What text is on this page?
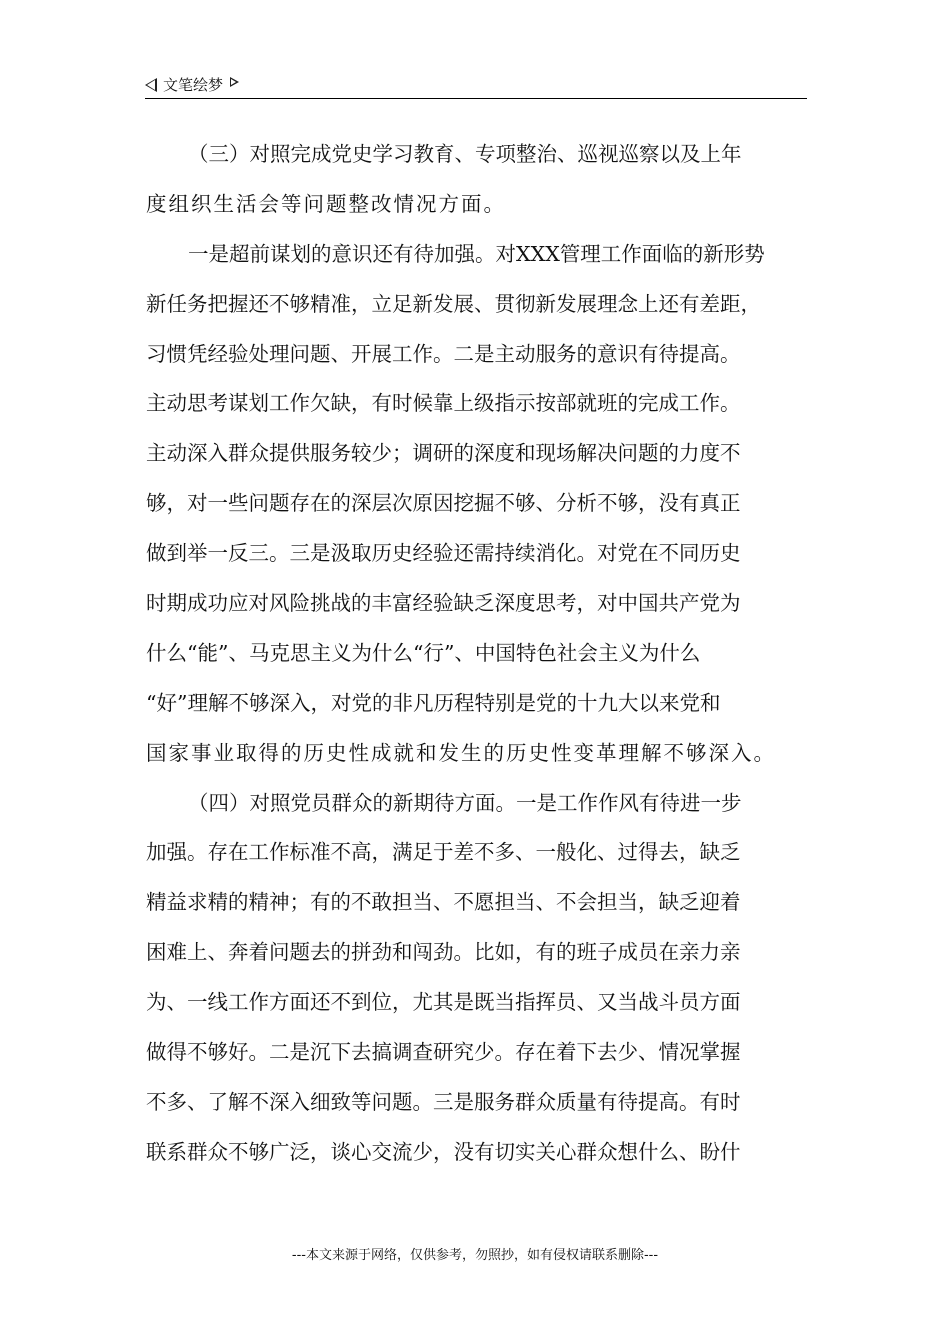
文笔绘梦
（三）对照完成党史学习教育、专项整治、巡视巡察以及上年
度组织生活会等问题整改情况方面。
一是超前谋划的意识还有待加强。对XXX管理工作面临的新形势
新任务把握还不够精准，立足新发展、贯彻新发展理念上还有差距，
习惯凭经验处理问题、开展工作。二是主动服务的意识有待提高。
主动思考谋划工作欠缺，有时候靠上级指示按部就班的完成工作。
主动深入群众提供服务较少；调研的深度和现场解决问题的力度不
够，对一些问题存在的深层次原因挖掘不够、分析不够，没有真正
做到举一反三。三是汲取历史经验还需持续消化。对党在不同历史
时期成功应对风险挑战的丰富经验缺乏深度思考，对中国共产党为
什么“能”、马克思主义为什么“行”、中国特色社会主义为什么
“好”理解不够深入，对党的非凡历程特别是党的十九大以来党和
国家事业取得的历史性成就和发生的历史性变革理解不够深入。
（四）对照党员群众的新期待方面。一是工作作风有待进一步
加强。存在工作标准不高，满足于差不多、一般化、过得去，缺乏
精益求精的精神；有的不敢担当、不愿担当、不会担当，缺乏迎着
困难上、奔着问题去的拼劲和闯劲。比如，有的班子成员在亲力亲
为、一线工作方面还不到位，尤其是既当指挥员、又当战斗员方面
做得不够好。二是沉下去搞调查研究少。存在着下去少、情况掌握
不多、了解不深入细致等问题。三是服务群众质量有待提高。有时
联系群众不够广泛，谈心交流少，没有切实关心群众想什么、盼什
---本文来源于网络，仅供参考，勿照抄，如有侵权请联系删除---
